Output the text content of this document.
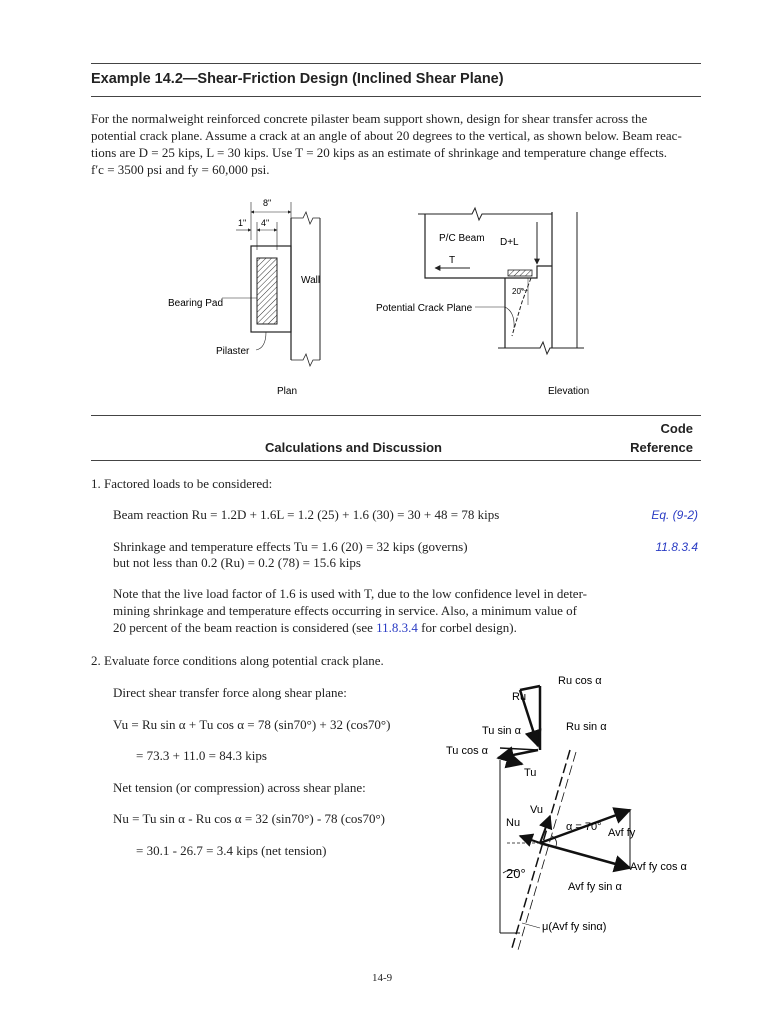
Example 14.2—Shear-Friction Design (Inclined Shear Plane)
For the normalweight reinforced concrete pilaster beam support shown, design for shear transfer across the
potential crack plane. Assume a crack at an angle of about 20 degrees to the vertical, as shown below. Beam reac-
tions are D = 25 kips, L = 30 kips. Use T = 20 kips as an estimate of shrinkage and temperature change effects.
f′c = 3500 psi and fy = 60,000 psi.
8"
1" 4"
Wall
Bearing Pad
Pilaster
Plan
P/C Beam D+L
T
20°
Potential Crack Plane
Elevation
Code
Calculations and Discussion	Reference
1. Factored loads to be considered:
Beam reaction Ru = 1.2D + 1.6L = 1.2 (25) + 1.6 (30) = 30 + 48 = 78 kips	Eq. (9-2)
Shrinkage and temperature effects Tu = 1.6 (20) = 32 kips (governs)	11.8.3.4
but not less than 0.2 (Ru) = 0.2 (78) = 15.6 kips
Note that the live load factor of 1.6 is used with T, due to the low confidence level in deter-
mining shrinkage and temperature effects occurring in service. Also, a minimum value of
20 percent of the beam reaction is considered (see 11.8.3.4 for corbel design).
2. Evaluate force conditions along potential crack plane.
Direct shear transfer force along shear plane:
Vu = Ru sin α + Tu cos α = 78 (sin70°) + 32 (cos70°)
= 73.3 + 11.0 = 84.3 kips
Net tension (or compression) across shear plane:
Nu = Tu sin α - Ru cos α = 32 (sin70°) - 78 (cos70°)
= 30.1 - 26.7 = 3.4 kips (net tension)
Ru cos α
Ru
Tu sin α	Ru sin α
Tu cos α
Tu
Vu
Nu	α = 70° Avf fy
Avf fy cos α
20°
Avf fy sin α
μ(Avf fy sinα)
14-9
